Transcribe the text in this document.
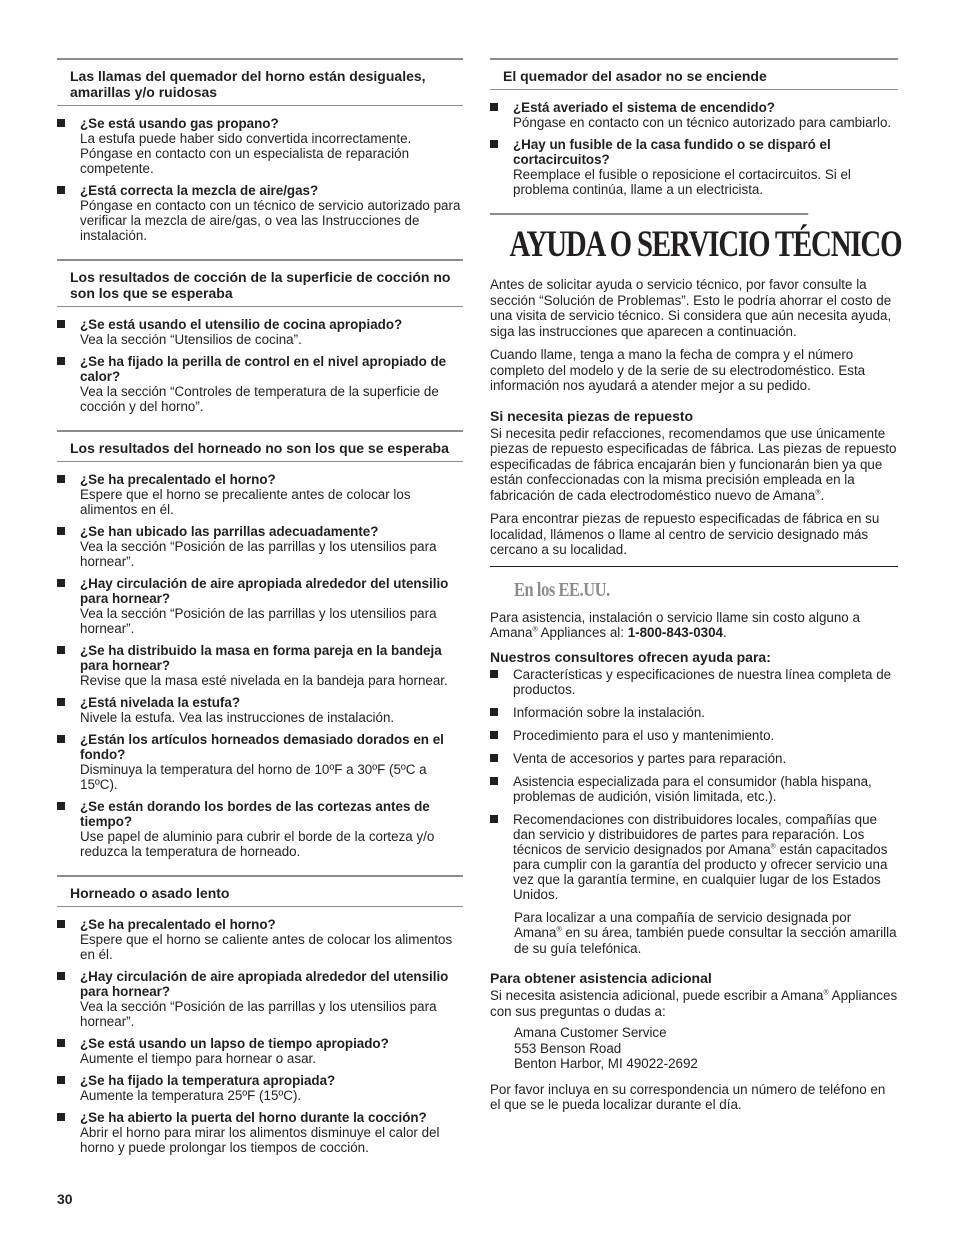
Las llamas del quemador del horno están desiguales, amarillas y/o ruidosas
¿Se está usando gas propano?
La estufa puede haber sido convertida incorrectamente. Póngase en contacto con un especialista de reparación competente.
¿Está correcta la mezcla de aire/gas?
Póngase en contacto con un técnico de servicio autorizado para verificar la mezcla de aire/gas, o vea las Instrucciones de instalación.
Los resultados de cocción de la superficie de cocción no son los que se esperaba
¿Se está usando el utensilio de cocina apropiado?
Vea la sección “Utensilios de cocina”.
¿Se ha fijado la perilla de control en el nivel apropiado de calor?
Vea la sección “Controles de temperatura de la superficie de cocción y del horno”.
Los resultados del horneado no son los que se esperaba
¿Se ha precalentado el horno?
Espere que el horno se precaliente antes de colocar los alimentos en él.
¿Se han ubicado las parrillas adecuadamente?
Vea la sección “Posición de las parrillas y los utensilios para hornear”.
¿Hay circulación de aire apropiada alrededor del utensilio para hornear?
Vea la sección “Posición de las parrillas y los utensilios para hornear”.
¿Se ha distribuido la masa en forma pareja en la bandeja para hornear?
Revise que la masa esté nivelada en la bandeja para hornear.
¿Está nivelada la estufa?
Nivele la estufa. Vea las instrucciones de instalación.
¿Están los artículos horneados demasiado dorados en el fondo?
Disminuya la temperatura del horno de 10ºF a 30ºF (5ºC a 15ºC).
¿Se están dorando los bordes de las cortezas antes de tiempo?
Use papel de aluminio para cubrir el borde de la corteza y/o reduzca la temperatura de horneado.
Horneado o asado lento
¿Se ha precalentado el horno?
Espere que el horno se caliente antes de colocar los alimentos en él.
¿Hay circulación de aire apropiada alrededor del utensilio para hornear?
Vea la sección “Posición de las parrillas y los utensilios para hornear”.
¿Se está usando un lapso de tiempo apropiado?
Aumente el tiempo para hornear o asar.
¿Se ha fijado la temperatura apropiada?
Aumente la temperatura 25ºF (15ºC).
¿Se ha abierto la puerta del horno durante la cocción?
Abrir el horno para mirar los alimentos disminuye el calor del horno y puede prolongar los tiempos de cocción.
El quemador del asador no se enciende
¿Está averiado el sistema de encendido?
Póngase en contacto con un técnico autorizado para cambiarlo.
¿Hay un fusible de la casa fundido o se disparó el cortacircuitos?
Reemplace el fusible o reposicione el cortacircuitos. Si el problema continúa, llame a un electricista.
AYUDA O SERVICIO TÉCNICO

Antes de solicitar ayuda o servicio técnico, por favor consulte la sección “Solución de Problemas”. Esto le podría ahorrar el costo de una visita de servicio técnico. Si considera que aún necesita ayuda, siga las instrucciones que aparecen a continuación.

Cuando llame, tenga a mano la fecha de compra y el número completo del modelo y de la serie de su electrodoméstico. Esta información nos ayudará a atender mejor a su pedido.

Si necesita piezas de repuesto

Si necesita pedir refacciones, recomendamos que use únicamente piezas de repuesto especificadas de fábrica. Las piezas de repuesto especificadas de fábrica encajarán bien y funcionarán bien ya que están confeccionadas con la misma precisión empleada en la fabricación de cada electrodoméstico nuevo de Amana®.

Para encontrar piezas de repuesto especificadas de fábrica en su localidad, llámenos o llame al centro de servicio designado más cercano a su localidad.

En los EE.UU.

Para asistencia, instalación o servicio llame sin costo alguno a Amana® Appliances al: 1-800-843-0304.

Nuestros consultores ofrecen ayuda para:
Características y especificaciones de nuestra línea completa de productos.
Información sobre la instalación.
Procedimiento para el uso y mantenimiento.
Venta de accesorios y partes para reparación.
Asistencia especializada para el consumidor (habla hispana, problemas de audición, visión limitada, etc.).
Recomendaciones con distribuidores locales, compañías que dan servicio y distribuidores de partes para reparación. Los técnicos de servicio designados por Amana® están capacitados para cumplir con la garantía del producto y ofrecer servicio una vez que la garantía termine, en cualquier lugar de los Estados Unidos.

Para localizar a una compañía de servicio designada por Amana® en su área, también puede consultar la sección amarilla de su guía telefónica.

Para obtener asistencia adicional

Si necesita asistencia adicional, puede escribir a Amana® Appliances con sus preguntas o dudas a:

Amana Customer Service
553 Benson Road
Benton Harbor, MI 49022-2692

Por favor incluya en su correspondencia un número de teléfono en el que se le pueda localizar durante el día.

30
